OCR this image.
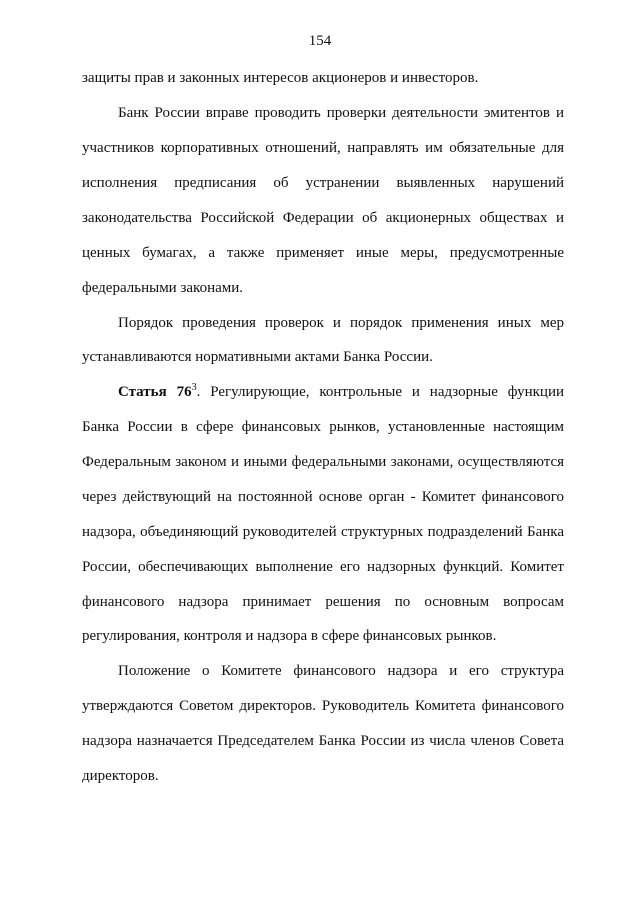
154
защиты прав и законных интересов акционеров и инвесторов.
Банк России вправе проводить проверки деятельности эмитентов и
участников корпоративных отношений, направлять им обязательные для
исполнения предписания об устранении выявленных нарушений
законодательства Российской Федерации об акционерных обществах и
ценных бумагах, а также применяет иные меры, предусмотренные
федеральными законами.
Порядок проведения проверок и порядок применения иных мер
устанавливаются нормативными актами Банка России.
Статья $76^3$. Регулирующие, контрольные и надзорные функции
Банка России в сфере финансовых рынков, установленные настоящим
Федеральным законом и иными федеральными законами, осуществляются
через действующий на постоянной основе орган - Комитет финансового
надзора, объединяющий руководителей структурных подразделений Банка
России, обеспечивающих выполнение его надзорных функций. Комитет
финансового надзора принимает решения по основным вопросам
регулирования, контроля и надзора в сфере финансовых рынков.
Положение о Комитете финансового надзора и его структура
утверждаются Советом директоров. Руководитель Комитета финансового
надзора назначается Председателем Банка России из числа членов Совета
директоров.
